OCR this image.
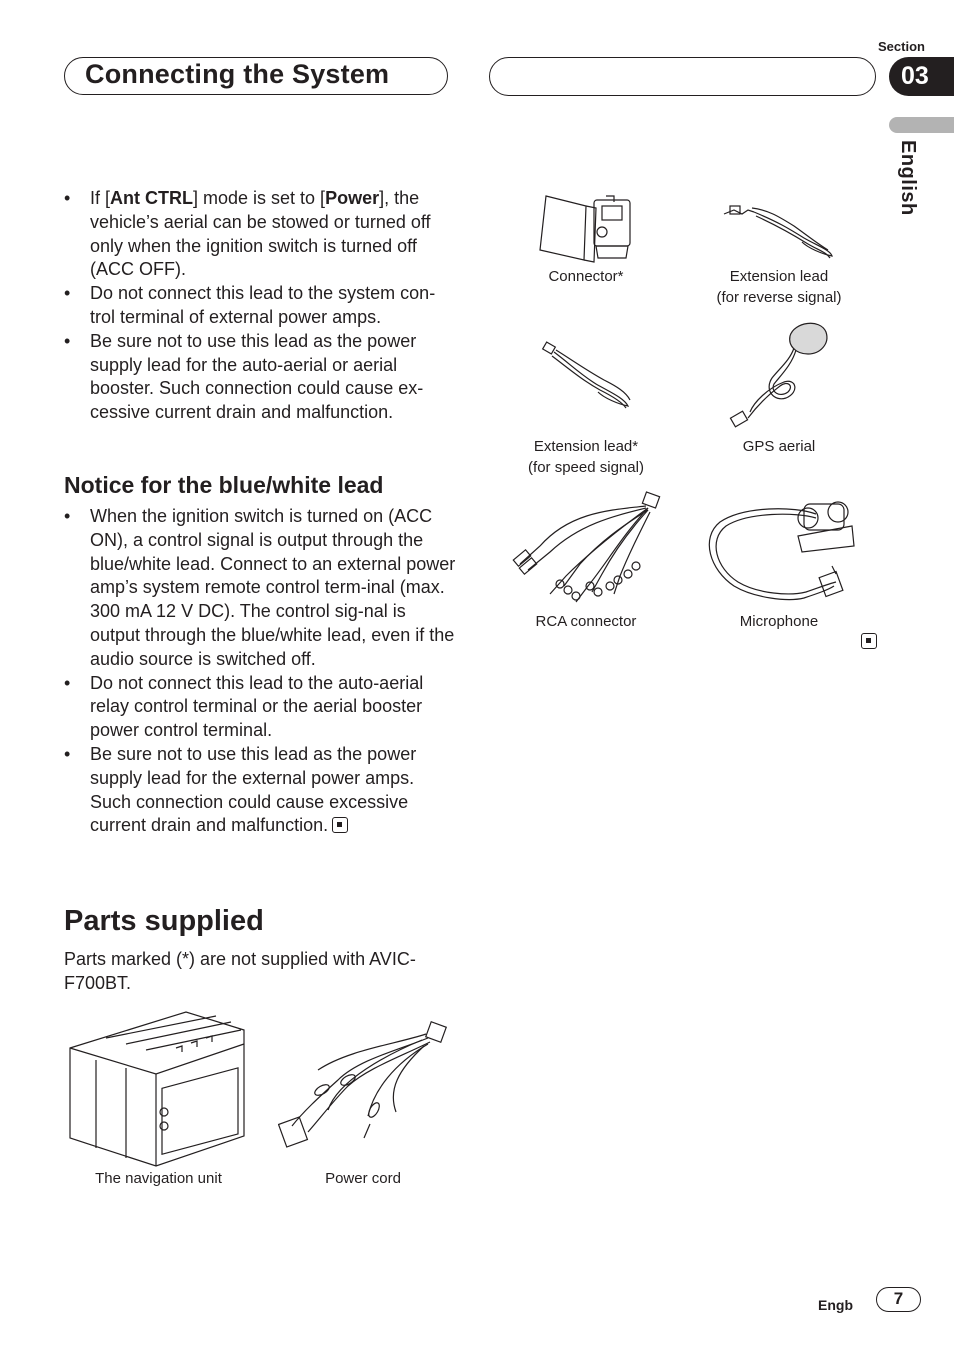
Connecting the System
Section
03
English
• If [Ant CTRL] mode is set to [Power], the vehicle’s aerial can be stowed or turned off only when the ignition switch is turned off (ACC OFF).
• Do not connect this lead to the system con-trol terminal of external power amps.
• Be sure not to use this lead as the power supply lead for the auto-aerial or aerial booster. Such connection could cause ex-cessive current drain and malfunction.
Notice for the blue/white lead
• When the ignition switch is turned on (ACC ON), a control signal is output through the blue/white lead. Connect to an external power amp’s system remote control term-inal (max. 300 mA 12 V DC). The control sig-nal is output through the blue/white lead, even if the audio source is switched off.
• Do not connect this lead to the auto-aerial relay control terminal or the aerial booster power control terminal.
• Be sure not to use this lead as the power supply lead for the external power amps. Such connection could cause excessive current drain and malfunction.
Parts supplied
Parts marked (*) are not supplied with AVIC-F700BT.
The navigation unit	Power cord
Connector*	Extension lead
(for reverse signal)
Extension lead*
(for speed signal)
GPS aerial
RCA connector	Microphone
Engb	7
